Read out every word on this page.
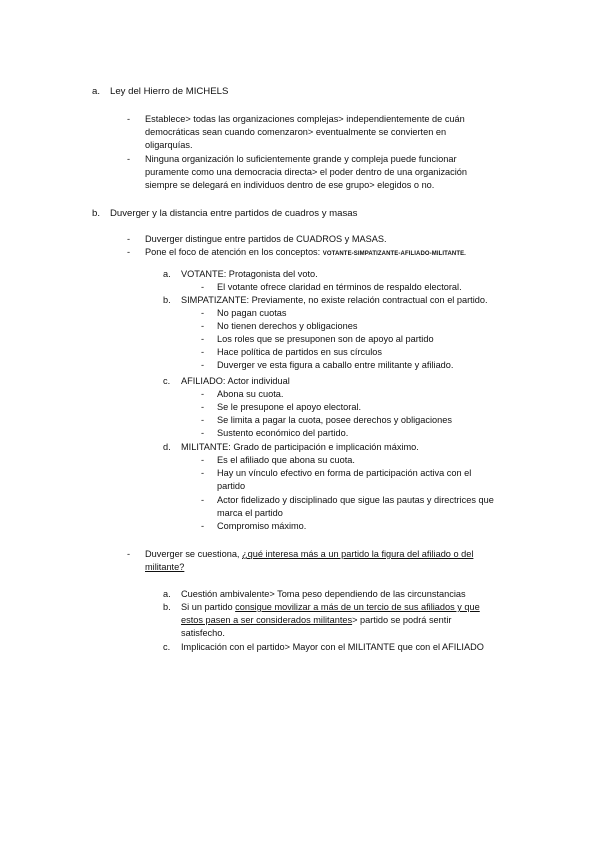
a. Ley del Hierro de MICHELS
- Establece> todas las organizaciones complejas> independientemente de cuán
democráticas sean cuando comenzaron> eventualmente se convierten en
oligarquías.
- Ninguna organización lo suficientemente grande y compleja puede funcionar
puramente como una democracia directa> el poder dentro de una organización
siempre se delegará en individuos dentro de ese grupo> elegidos o no.
b. Duverger y la distancia entre partidos de cuadros y masas
- Duverger distingue entre partidos de CUADROS y MASAS.
- Pone el foco de atención en los conceptos: VOTANTE-SIMPATIZANTE-AFILIADO-MILITANTE.
a. VOTANTE: Protagonista del voto.
- El votante ofrece claridad en términos de respaldo electoral.
b. SIMPATIZANTE: Previamente, no existe relación contractual con el partido.
- No pagan cuotas
- No tienen derechos y obligaciones
- Los roles que se presuponen son de apoyo al partido
- Hace política de partidos en sus círculos
- Duverger ve esta figura a caballo entre militante y afiliado.
c. AFILIADO: Actor individual
- Abona su cuota.
- Se le presupone el apoyo electoral.
- Se limita a pagar la cuota, posee derechos y obligaciones
- Sustento económico del partido.
d. MILITANTE: Grado de participación e implicación máximo.
- Es el afiliado que abona su cuota.
- Hay un vínculo efectivo en forma de participación activa con el
partido
- Actor fidelizado y disciplinado que sigue las pautas y directrices que
marca el partido
- Compromiso máximo.
- Duverger se cuestiona, ¿qué interesa más a un partido la figura del afiliado o del
militante?
a. Cuestión ambivalente> Toma peso dependiendo de las circunstancias
b. Si un partido consigue movilizar a más de un tercio de sus afiliados y que
estos pasen a ser considerados militantes> partido se podrá sentir
satisfecho.
c. Implicación con el partido> Mayor con el MILITANTE que con el AFILIADO
